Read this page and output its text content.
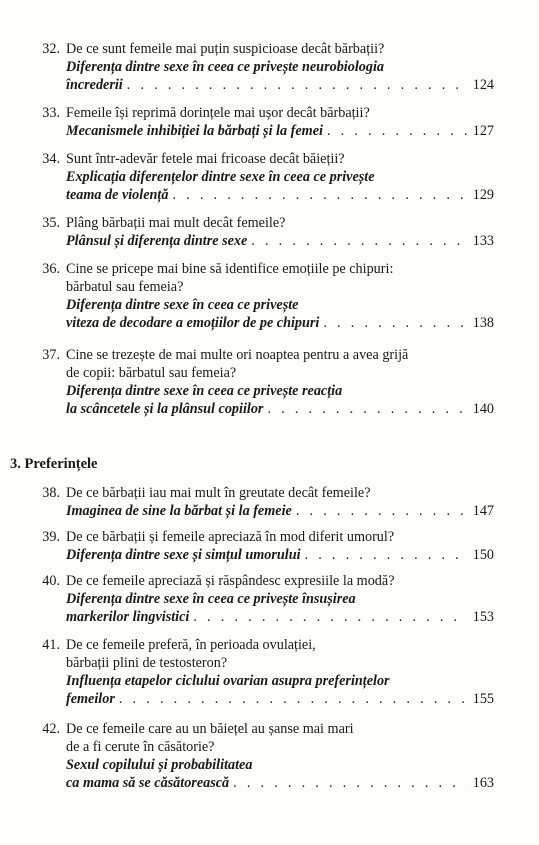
32. De ce sunt femeile mai puțin suspicioase decât bărbații?
Diferența dintre sexe în ceea ce privește neurobiologia
încrederii . . .	124
33. Femeile își reprimă dorințele mai ușor decât bărbații?
Mecanismele inhibiției la bărbați și la femei . . .	127
34. Sunt într-adevăr fetele mai fricoase decât băieții?
Explicația diferențelor dintre sexe în ceea ce privește
teama de violență . . .	129
35. Plâng bărbații mai mult decât femeile?
Plânsul și diferența dintre sexe . . .	133
36. Cine se pricepe mai bine să identifice emoțiile pe chipuri:
bărbatul sau femeia?
Diferența dintre sexe în ceea ce privește
viteza de decodare a emoțiilor de pe chipuri . . .	138
37. Cine se trezește de mai multe ori noaptea pentru a avea grijă
de copii: bărbatul sau femeia?
Diferența dintre sexe în ceea ce privește reacția
la scâncetele și la plânsul copiilor . . .	140
3. Preferințele
38. De ce bărbații iau mai mult în greutate decât femeile?
Imaginea de sine la bărbat și la femeie . . .	147
39. De ce bărbații și femeile apreciază în mod diferit umorul?
Diferența dintre sexe și simțul umorului . . .	150
40. De ce femeile apreciază și răspândesc expresiile la modă?
Diferența dintre sexe în ceea ce privește însușirea
markerilor lingvistici . . .	153
41. De ce femeile preferă, în perioada ovulației,
bărbații plini de testosteron?
Influența etapelor ciclului ovarian asupra preferințelor
femeilor . . .	155
42. De ce femeile care au un băiețel au șanse mai mari
de a fi cerute în căsătorie?
Sexul copilului și probabilitatea
ca mama să se căsătorească . . .	163
